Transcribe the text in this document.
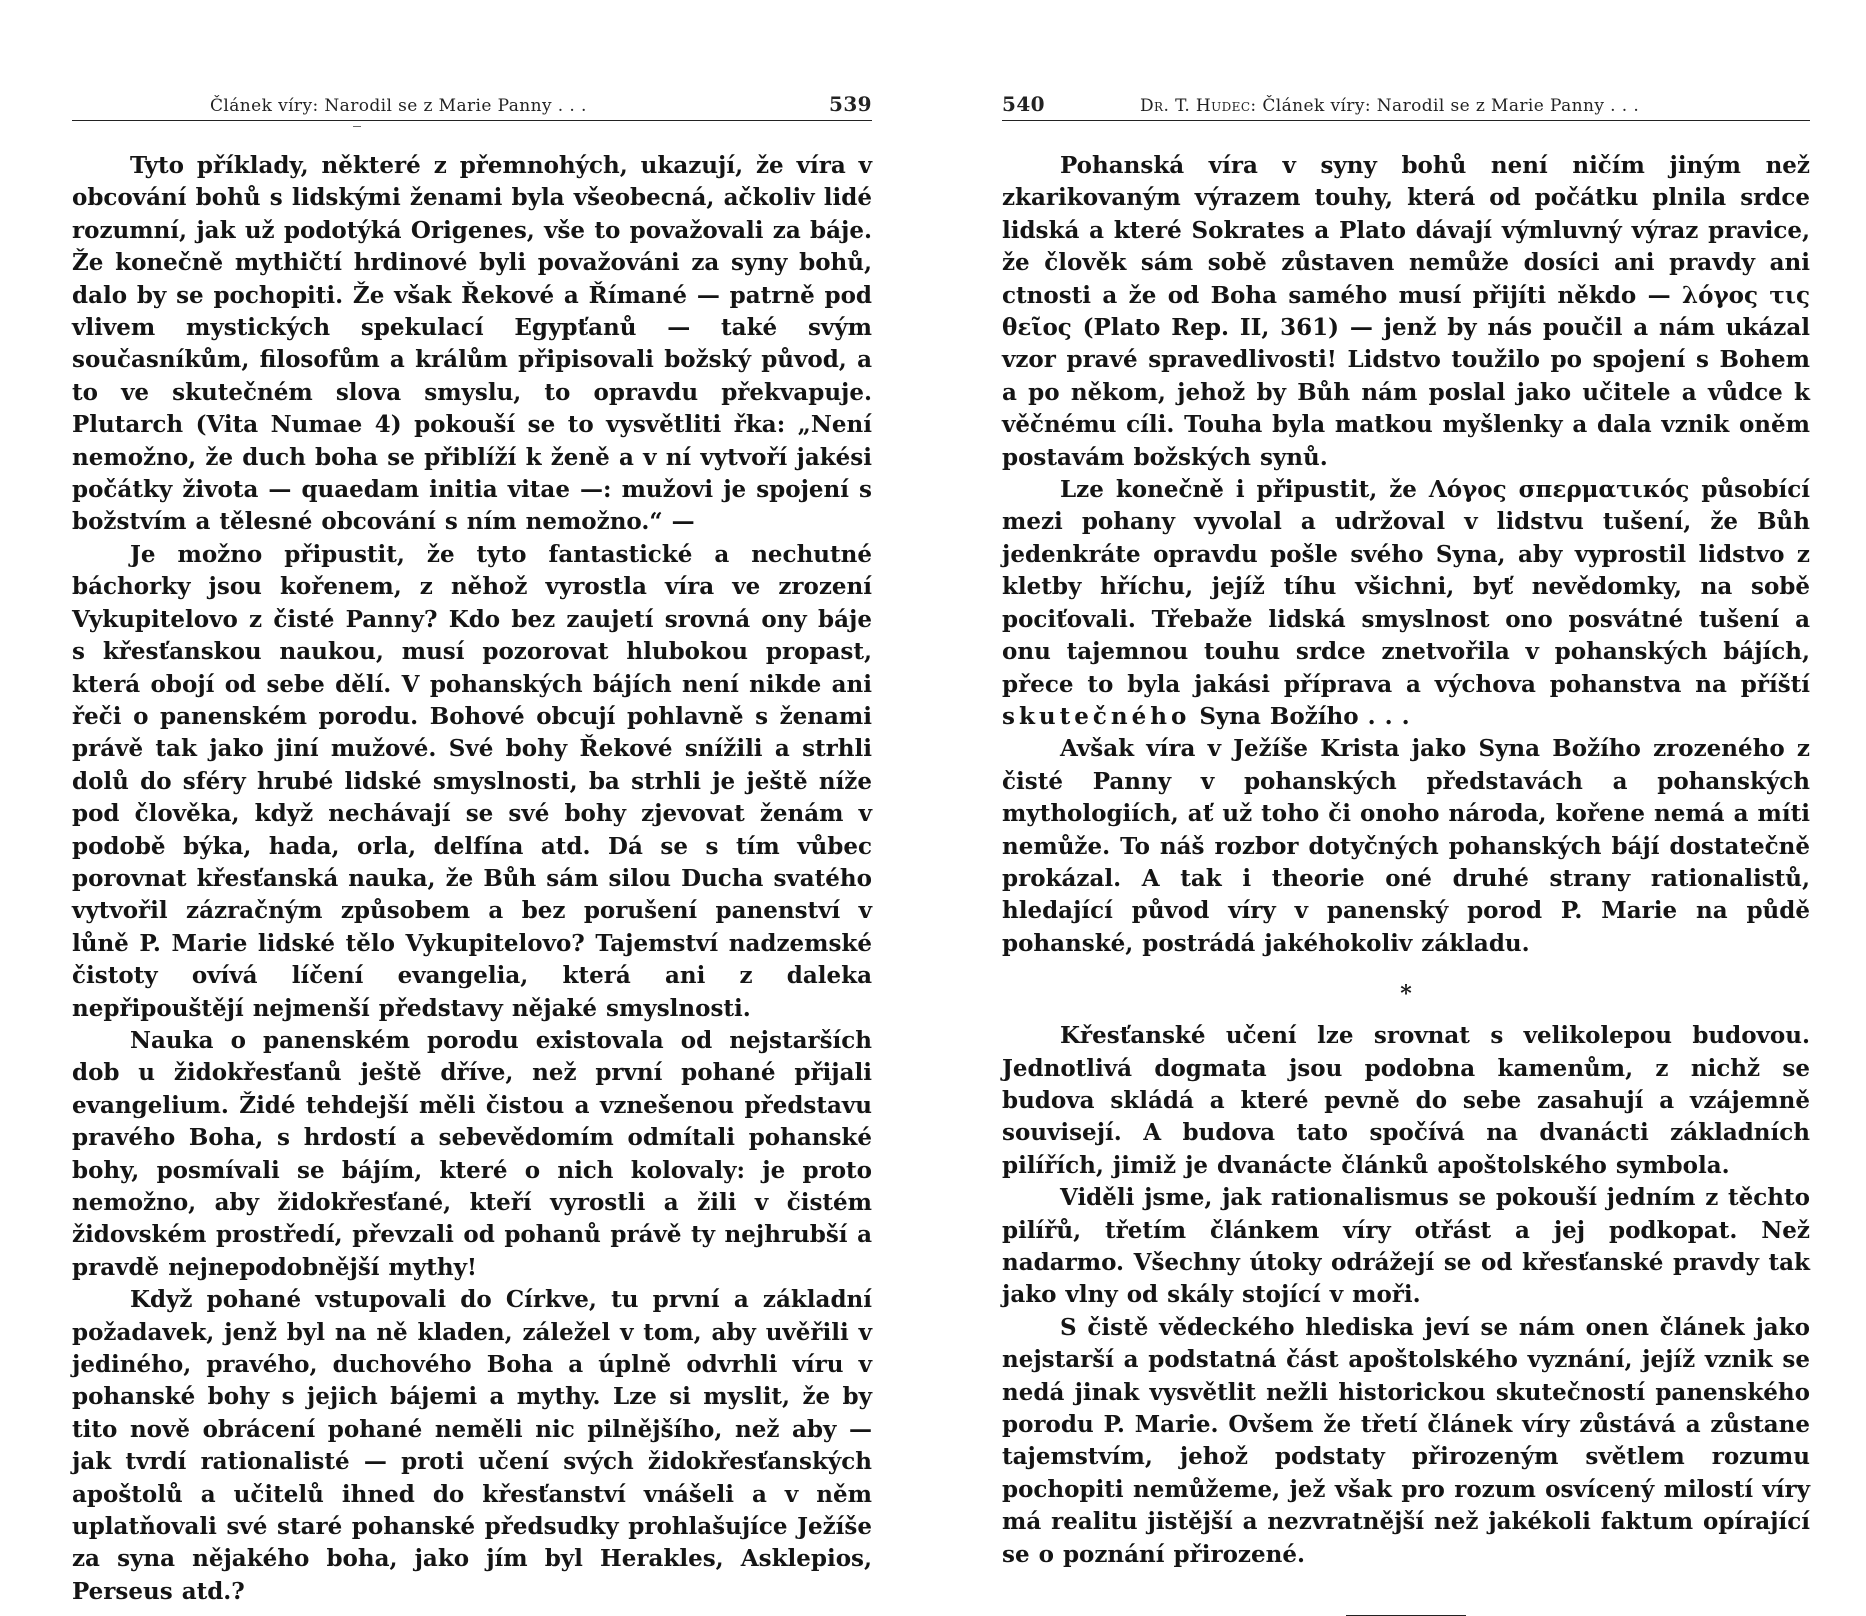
Článek víry: Narodil se z Marie Panny . . .	539

Tyto příklady, některé z přemnohých, ukazují, že víra v obcování bohů s lidskými ženami byla všeobecná, ačkoliv lidé rozumní, jak už podotýká Origenes, vše to považovali za báje. Že konečně mythičtí hrdinové byli považováni za syny bohů, dalo by se pochopiti. Že však Řekové a Římané — patrně pod vlivem mystických spekulací Egypťanů — také svým současníkům, filosofům a králům připisovali božský původ, a to ve skutečném slova smyslu, to opravdu překvapuje. Plutarch (Vita Numae 4) pokouší se to vysvětliti řka: „Není nemožno, že duch boha se přiblíží k ženě a v ní vytvoří jakési počátky života — quaedam initia vitae —: mužovi je spojení s božstvím a tělesné obcování s ním nemožno.“ —

Je možno připustit, že tyto fantastické a nechutné báchorky jsou kořenem, z něhož vyrostla víra ve zrození Vykupitelovo z čisté Panny? Kdo bez zaujetí srovná ony báje s křesťanskou naukou, musí pozorovat hlubokou propast, která obojí od sebe dělí. V pohanských bájích není nikde ani řeči o panenském porodu. Bohové obcují pohlavně s ženami právě tak jako jiní mužové. Své bohy Řekové snížili a strhli dolů do sféry hrubé lidské smyslnosti, ba strhli je ještě níže pod člověka, když nechávají se své bohy zjevovat ženám v podobě býka, hada, orla, delfína atd. Dá se s tím vůbec porovnat křesťanská nauka, že Bůh sám silou Ducha svatého vytvořil zázračným způsobem a bez porušení panenství v lůně P. Marie lidské tělo Vykupitelovo? Tajemství nadzemské čistoty ovívá líčení evangelia, která ani z daleka nepřipouštějí nejmenší představy nějaké smyslnosti.

Nauka o panenském porodu existovala od nejstarších dob u židokřesťanů ještě dříve, než první pohané přijali evangelium. Židé tehdejší měli čistou a vznešenou představu pravého Boha, s hrdostí a sebevědomím odmítali pohanské bohy, posmívali se bájím, které o nich kolovaly: je proto nemožno, aby židokřesťané, kteří vyrostli a žili v čistém židovském prostředí, převzali od pohanů právě ty nejhrubší a pravdě nejnepodobnější mythy!

Když pohané vstupovali do Církve, tu první a základní požadavek, jenž byl na ně kladen, záležel v tom, aby uvěřili v jediného, pravého, duchového Boha a úplně odvrhli víru v pohanské bohy s jejich bájemi a mythy. Lze si myslit, že by tito nově obrácení pohané neměli nic pilnějšího, než aby — jak tvrdí rationalisté — proti učení svých židokřesťanských apoštolů a učitelů ihned do křesťanství vnášeli a v něm uplatňovali své staré pohanské předsudky prohlašujíce Ježíše za syna nějakého boha, jako jím byl Herakles, Asklepios, Perseus atd.?

540	Dr. T. Hudec: Článek víry: Narodil se z Marie Panny . . .

Pohanská víra v syny bohů není ničím jiným než zkarikovaným výrazem touhy, která od počátku plnila srdce lidská a které Sokrates a Plato dávají výmluvný výraz pravice, že člověk sám sobě zůstaven nemůže dosíci ani pravdy ani ctnosti a že od Boha samého musí přijíti někdo — λόγος τις θεῖος (Plato Rep. II, 361) — jenž by nás poučil a nám ukázal vzor pravé spravedlivosti! Lidstvo toužilo po spojení s Bohem a po někom, jehož by Bůh nám poslal jako učitele a vůdce k věčnému cíli. Touha byla matkou myšlenky a dala vznik oněm postavám božských synů.

Lze konečně i připustit, že Λόγος σπερματικός působící mezi pohany vyvolal a udržoval v lidstvu tušení, že Bůh jedenkráte opravdu pošle svého Syna, aby vyprostil lidstvo z kletby hříchu, jejíž tíhu všichni, byť nevědomky, na sobě pociťovali. Třebaže lidská smyslnost ono posvátné tušení a onu tajemnou touhu srdce znetvořila v pohanských bájích, přece to byla jakási příprava a výchova pohanstva na příští skutečného Syna Božího . . .

Avšak víra v Ježíše Krista jako Syna Božího zrozeného z čisté Panny v pohanských představách a pohanských mythologiích, ať už toho či onoho národa, kořene nemá a míti nemůže. To náš rozbor dotyčných pohanských bájí dostatečně prokázal. A tak i theorie oné druhé strany rationalistů, hledající původ víry v panenský porod P. Marie na půdě pohanské, postrádá jakéhokoliv základu.

*

Křesťanské učení lze srovnat s velikolepou budovou. Jednotlivá dogmata jsou podobna kamenům, z nichž se budova skládá a které pevně do sebe zasahují a vzájemně souvisejí. A budova tato spočívá na dvanácti základních pilířích, jimiž je dvanácte článků apoštolského symbola.

Viděli jsme, jak rationalismus se pokouší jedním z těchto pilířů, třetím článkem víry otřást a jej podkopat. Než nadarmo. Všechny útoky odrážejí se od křesťanské pravdy tak jako vlny od skály stojící v moři.

S čistě vědeckého hlediska jeví se nám onen článek jako nejstarší a podstatná část apoštolského vyznání, jejíž vznik se nedá jinak vysvětlit nežli historickou skutečností panenského porodu P. Marie. Ovšem že třetí článek víry zůstává a zůstane tajemstvím, jehož podstaty přirozeným světlem rozumu pochopiti nemůžeme, jež však pro rozum osvícený milostí víry má realitu jistější a nezvratnější než jakékoli faktum opírající se o poznání přirozené.
